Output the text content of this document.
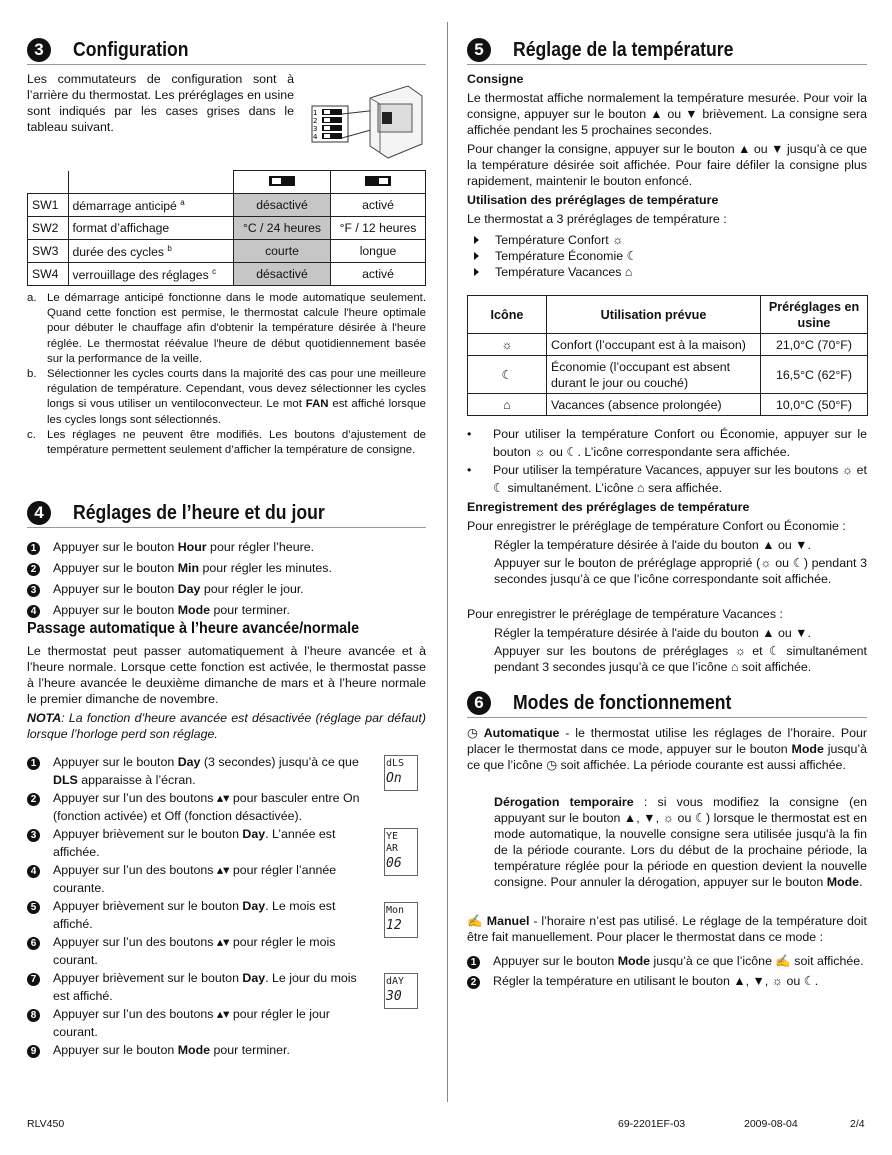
3	Configuration

Les commutateurs de configuration sont à l’arrière du thermostat. Les préréglages en usine sont indiqués par les cases grises dans le tableau suivant.

1
2
3
4

SW1	démarrage anticipé $^a$	désactivé	activé
SW2	format d’affichage	°C / 24 heures	°F / 12 heures
SW3	durée des cycles $^b$	courte	longue
SW4	verrouillage des réglages $^c$	désactivé	activé
a. Le démarrage anticipé fonctionne dans le mode automatique seulement. Quand cette fonction est permise, le thermostat calcule l'heure optimale pour débuter le chauffage afin d'obtenir la température désirée à l'heure réglée. Le thermostat réévalue l'heure de début quotidiennement basée sur la performance de la veille.
b. Sélectionner les cycles courts dans la majorité des cas pour une meilleure régulation de température. Cependant, vous devez sélectionner les cycles longs si vous utiliser un ventiloconvecteur. Le mot FAN est affiché lorsque les cycles longs sont sélectionnés.
c. Les réglages ne peuvent être modifiés. Les boutons d’ajustement de température permettent seulement d’afficher la température de consigne.
4	Réglages de l’heure et du jour
1	Appuyer sur le bouton Hour pour régler l’heure.
2	Appuyer sur le bouton Min pour régler les minutes.
3	Appuyer sur le bouton Day pour régler le jour.
4	Appuyer sur le bouton Mode pour terminer.
Passage automatique à l’heure avancée/normale

Le thermostat peut passer automatiquement à l’heure avancée et à l’heure normale. Lorsque cette fonction est activée, le thermostat passe à l’heure avancée le deuxième dimanche de mars et à l’heure normale le premier dimanche de novembre.

NOTA: La fonction d’heure avancée est désactivée (réglage par défaut) lorsque l’horloge perd son réglage.

1	Appuyer sur le bouton Day (3 secondes) jusqu’à ce que DLS apparaisse à l’écran.
2	Appuyer sur l’un des boutons ▴▾ pour basculer entre On (fonction activée) et Off (fonction désactivée).
3	Appuyer brièvement sur le bouton Day. L’année est affichée.
4	Appuyer sur l’un des boutons ▴▾ pour régler l’année courante.
5	Appuyer brièvement sur le bouton Day. Le mois est affiché.
6	Appuyer sur l’un des boutons ▴▾ pour régler le mois courant.
7	Appuyer brièvement sur le bouton Day. Le jour du mois est affiché.
8	Appuyer sur l’un des boutons ▴▾ pour régler le jour courant.
9	Appuyer sur le bouton Mode pour terminer.
dLS
On
YE AR
06
Mon
12
dAY
30
5	Réglage de la température
Consigne

Le thermostat affiche normalement la température mesurée. Pour voir la consigne, appuyer sur le bouton ▲ ou ▼ brièvement. La consigne sera affichée pendant les 5 prochaines secondes.

Pour changer la consigne, appuyer sur le bouton ▲ ou ▼ jusqu’à ce que la température désirée soit affichée. Pour faire défiler la consigne plus rapidement, maintenir le bouton enfoncé.

Utilisation des préréglages de température

Le thermostat a 3 préréglages de température :

Température Confort ☼
Température Économie ☾
Température Vacances ⌂
Icône	Utilisation prévue	Préréglages en usine
☼	Confort (l’occupant est à la maison)	21,0°C (70°F)
☾	Économie (l’occupant est absent durant le jour ou couché)	16,5°C (62°F)
⌂	Vacances (absence prolongée)	10,0°C (50°F)
•	Pour utiliser la température Confort ou Économie, appuyer sur le bouton ☼ ou ☾. L’icône correspondante sera affichée.
•	Pour utiliser la température Vacances, appuyer sur les boutons ☼ et ☾ simultanément. L’icône ⌂ sera affichée.
Enregistrement des préréglages de température

Pour enregistrer le préréglage de température Confort ou Économie :

Régler la température désirée à l'aide du bouton ▲ ou ▼.

Appuyer sur le bouton de préréglage approprié (☼ ou ☾) pendant 3 secondes jusqu’à ce que l’icône correspondante soit affichée.

Pour enregistrer le préréglage de température Vacances :

Régler la température désirée à l'aide du bouton ▲ ou ▼.

Appuyer sur les boutons de préréglages ☼ et ☾ simultanément pendant 3 secondes jusqu’à ce que l’icône ⌂ soit affichée.

6	Modes de fonctionnement

◷ Automatique - le thermostat utilise les réglages de l’horaire. Pour placer le thermostat dans ce mode, appuyer sur le bouton Mode jusqu’à ce que l’icône ◷ soit affichée. La période courante est aussi affichée.

Dérogation temporaire : si vous modifiez la consigne (en appuyant sur le bouton ▲, ▼, ☼ ou ☾) lorsque le thermostat est en mode automatique, la nouvelle consigne sera utilisée jusqu'à la fin de la période courante. Lors du début de la prochaine période, la température réglée pour la période en question devient la nouvelle consigne. Pour annuler la dérogation, appuyer sur le bouton Mode.

✍ Manuel - l’horaire n’est pas utilisé. Le réglage de la température doit être fait manuellement. Pour placer le thermostat dans ce mode :

1	Appuyer sur le bouton Mode jusqu’à ce que l’icône ✍ soit affichée.
2	Régler la température en utilisant le bouton ▲, ▼, ☼ ou ☾.
RLV450	69-2201EF-03	2009-08-04	2/4
